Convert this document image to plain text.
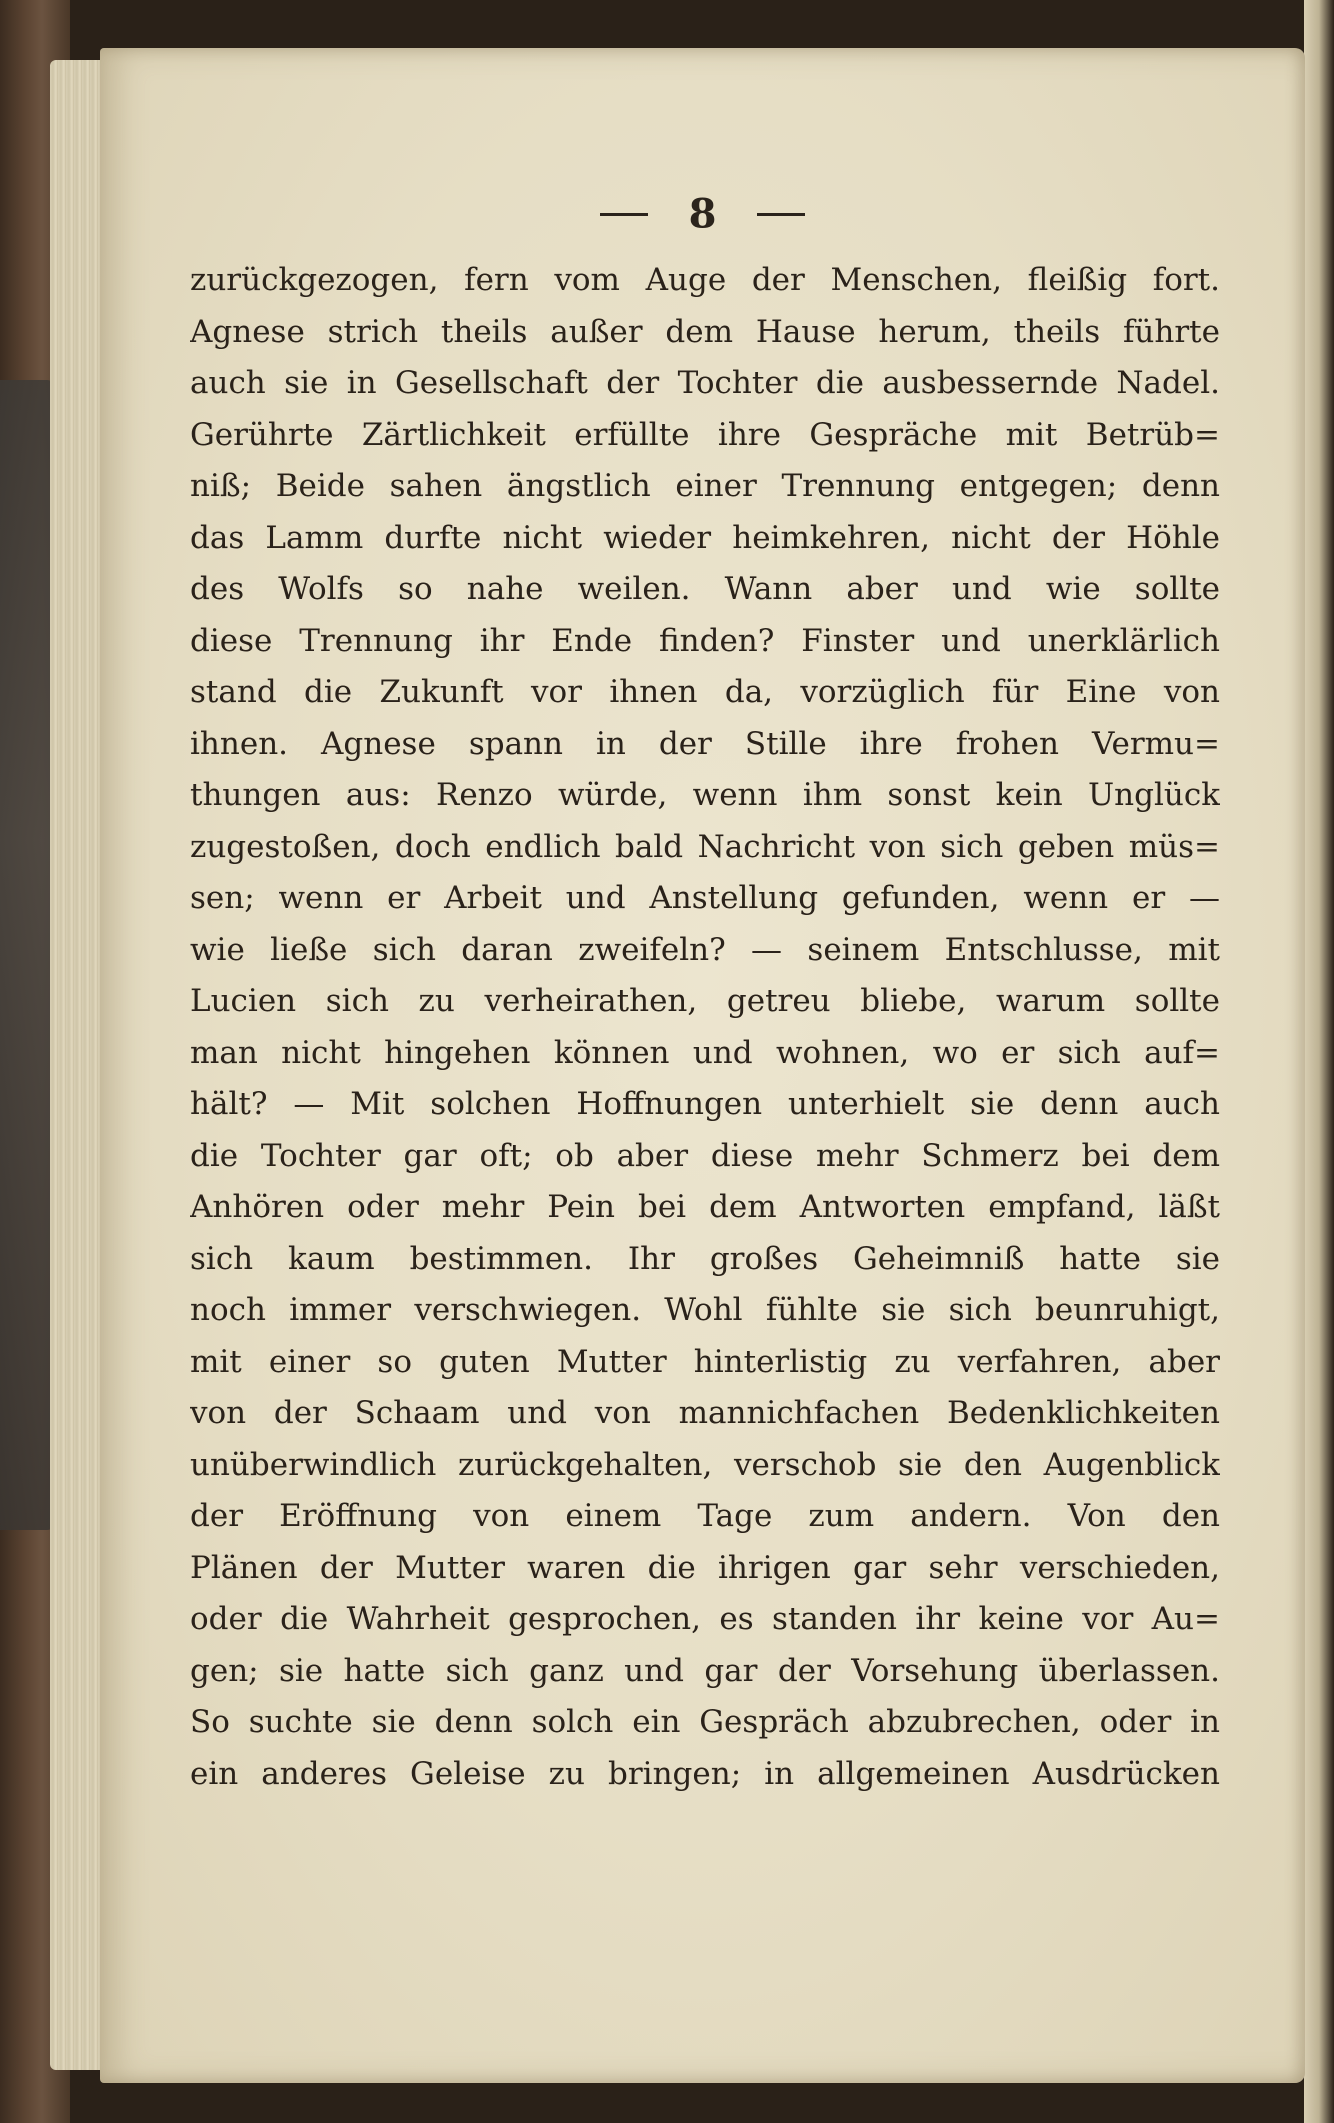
8
zurückgezogen, fern vom Auge der Menschen, fleißig fort.
Agnese strich theils außer dem Hause herum, theils führte
auch sie in Gesellschaft der Tochter die ausbessernde Nadel.
Gerührte Zärtlichkeit erfüllte ihre Gespräche mit Betrüb=
niß; Beide sahen ängstlich einer Trennung entgegen; denn
das Lamm durfte nicht wieder heimkehren, nicht der Höhle
des Wolfs so nahe weilen. Wann aber und wie sollte
diese Trennung ihr Ende finden? Finster und unerklärlich
stand die Zukunft vor ihnen da, vorzüglich für Eine von
ihnen. Agnese spann in der Stille ihre frohen Vermu=
thungen aus: Renzo würde, wenn ihm sonst kein Unglück
zugestoßen, doch endlich bald Nachricht von sich geben müs=
sen; wenn er Arbeit und Anstellung gefunden, wenn er —
wie ließe sich daran zweifeln? — seinem Entschlusse, mit
Lucien sich zu verheirathen, getreu bliebe, warum sollte
man nicht hingehen können und wohnen, wo er sich auf=
hält? — Mit solchen Hoffnungen unterhielt sie denn auch
die Tochter gar oft; ob aber diese mehr Schmerz bei dem
Anhören oder mehr Pein bei dem Antworten empfand, läßt
sich kaum bestimmen. Ihr großes Geheimniß hatte sie
noch immer verschwiegen. Wohl fühlte sie sich beunruhigt,
mit einer so guten Mutter hinterlistig zu verfahren, aber
von der Schaam und von mannichfachen Bedenklichkeiten
unüberwindlich zurückgehalten, verschob sie den Augenblick
der Eröffnung von einem Tage zum andern. Von den
Plänen der Mutter waren die ihrigen gar sehr verschieden,
oder die Wahrheit gesprochen, es standen ihr keine vor Au=
gen; sie hatte sich ganz und gar der Vorsehung überlassen.
So suchte sie denn solch ein Gespräch abzubrechen, oder in
ein anderes Geleise zu bringen; in allgemeinen Ausdrücken
